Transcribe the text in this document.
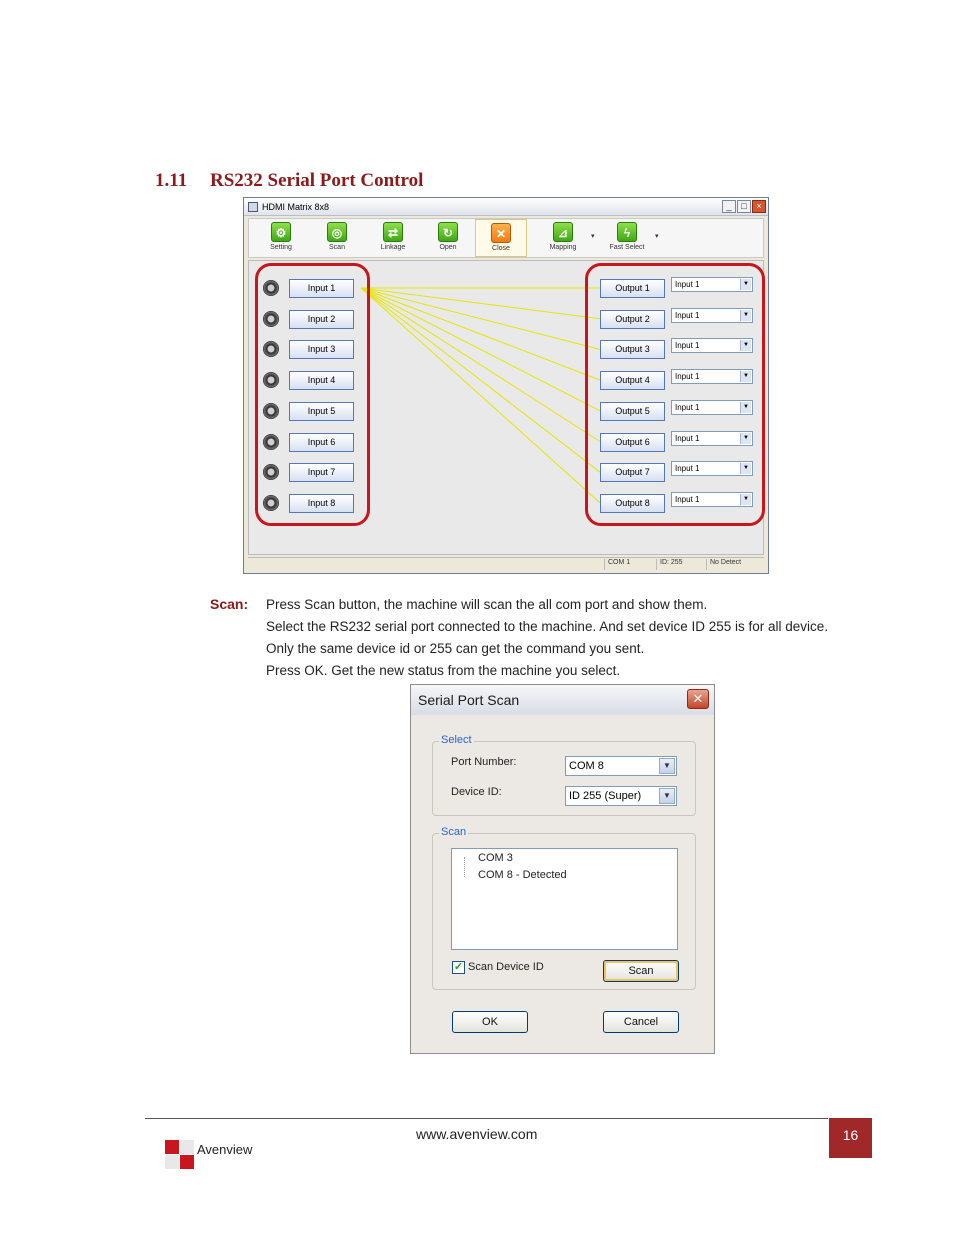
1.11 RS232 Serial Port Control
HDMI Matrix 8x8	_	□	×
⚙
Setting
◎
Scan
⇄
Linkage
↻
Open
✕
Close
⊿
Mapping
▾	ϟ
Fast Select
▾
Input 1
Input 2
Input 3
Input 4
Input 5
Input 6
Input 7
Input 8
Output 1	Input 1	▼
Output 2	Input 1	▼
Output 3	Input 1	▼
Output 4	Input 1	▼
Output 5	Input 1	▼
Output 6	Input 1	▼
Output 7	Input 1	▼
Output 8	Input 1	▼
COM 1	ID: 255	No Detect
Scan: Press Scan button, the machine will scan the all com port and show them.
Select the RS232 serial port connected to the machine. And set device ID 255 is for all device.
Only the same device id or 255 can get the command you sent.
Press OK. Get the new status from the machine you select.
Serial Port Scan	✕
Select
Port Number:	COM 8	▼
Device ID:	ID 255 (Super)	▼
Scan
COM 3
COM 8 - Detected
✓ Scan Device ID	Scan
OK	Cancel
www.avenview.com	16
Avenview
